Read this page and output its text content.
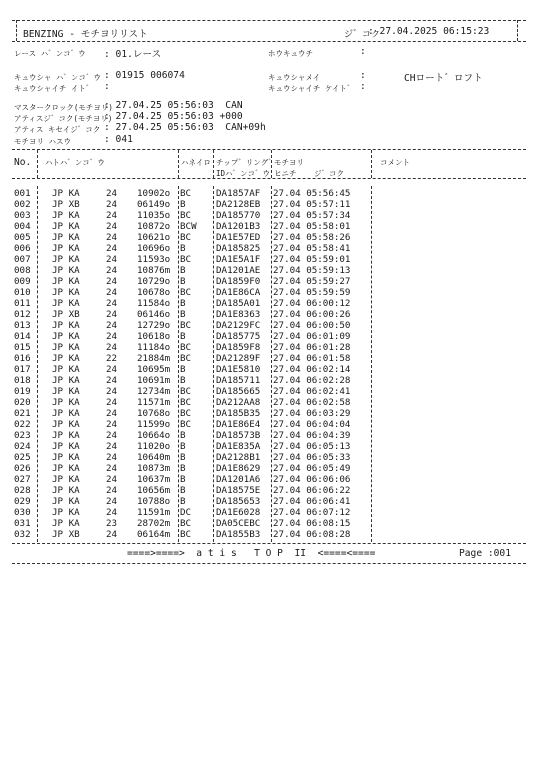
BENZING - モチヨリリスト	ジ゛コク
: 27.04.2025 06:15:23
レース ハ゛ンコ゛ウ : 01.レース	ホウキュウチ	:
キュウシャ ハ゛ンコ゛ウ : 01915 006074	キュウシャメイ	:	CHロート゛ロフト
キュウシャイチ イト゛ :	キュウシャイチ ケイト゛ :
マスタークロック(モチヨリ)
: 27.04.25 05:56:03  CAN
アティスジ゛コク(モチヨリ)
: 27.04.25 05:56:03 +000
アティス キセイジ゛コク : 27.04.25 05:56:03  CAN+09h
モチヨリ ハスウ	: 041
No. ハトハ゛ンコ゛ウ	ハネイロ チップ゛リング゛
IDハ゛ンコ゛ウ
モチヨリ
ヒニチ ジ゛コク
コメント
001 JP KA	24 10902o BC	DA1857AF 27.04 05:56:45
002 JP XB	24 06149o B	DA2128EB 27.04 05:57:11
003 JP KA	24 11035o BC	DA185770 27.04 05:57:34
004 JP KA	24 10872o BCW DA1201B3 27.04 05:58:01
005 JP KA	24 10621o BC	DA1E57ED 27.04 05:58:26
006 JP KA	24 10696o B	DA185825 27.04 05:58:41
007 JP KA	24 11593o BC	DA1E5A1F 27.04 05:59:01
008 JP KA	24 10876m B	DA1201AE 27.04 05:59:13
009 JP KA	24 10729o B	DA1859F0 27.04 05:59:27
010 JP KA	24 10678o BC	DA1E86CA 27.04 05:59:59
011 JP KA	24 11584o B	DA185A01 27.04 06:00:12
012 JP XB	24 06146o B	DA1E8363 27.04 06:00:26
013 JP KA	24 12729o BC	DA2129FC 27.04 06:00:50
014 JP KA	24 10618o B	DA185775 27.04 06:01:09
015 JP KA	24 11184o BC	DA1859F8 27.04 06:01:28
016 JP KA	22 21884m BC	DA21289F 27.04 06:01:58
017 JP KA	24 10695m B	DA1E5810 27.04 06:02:14
018 JP KA	24 10691m B	DA185711 27.04 06:02:28
019 JP KA	24 12734m BC	DA185665 27.04 06:02:41
020 JP KA	24 11571m BC	DA212AA8 27.04 06:02:58
021 JP KA	24 10768o BC	DA185B35 27.04 06:03:29
022 JP KA	24 11599o BC	DA1E86E4 27.04 06:04:04
023 JP KA	24 10664o B	DA18573B 27.04 06:04:39
024 JP KA	24 11020o B	DA1E835A 27.04 06:05:13
025 JP KA	24 10640m B	DA2128B1 27.04 06:05:33
026 JP KA	24 10873m B	DA1E8629 27.04 06:05:49
027 JP KA	24 10637m B	DA1201A6 27.04 06:06:06
028 JP KA	24 10656m B	DA18575E 27.04 06:06:22
029 JP KA	24 10788o B	DA185653 27.04 06:06:41
030 JP KA	24 11591m DC	DA1E6028 27.04 06:07:12
031 JP KA	23 28702m BC	DA05CEBC 27.04 06:08:15
032 JP XB	24 06164m BC	DA1855B3 27.04 06:08:28
====>====>  a t i s   T O P  II  <====<====	Page :001
